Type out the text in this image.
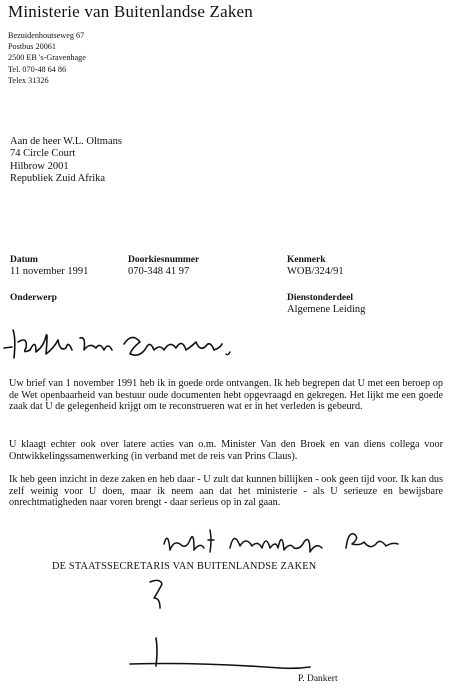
Ministerie van Buitenlandse Zaken
Bezuidenhoutseweg 67
Postbus 20061
2500 EB 's-Gravenhage
Tel. 070-48 64 86
Telex 31326
Aan de heer W.L. Oltmans
74 Circle Court
Hilbrow 2001
Republiek Zuid Afrika
Datum
11 november 1991
Doorkiesnummer
070-348 41 97
Kenmerk
WOB/324/91
Onderwerp	Dienstonderdeel
Algemene Leiding
Uw brief van 1 november 1991 heb ik in goede orde ontvangen. Ik heb begrepen dat U met een beroep op de Wet openbaarheid van bestuur oude documenten hebt opgevraagd en gekregen. Het lijkt me een goede zaak dat U de gelegenheid krijgt om te reconstrueren wat er in het verleden is gebeurd.
U klaagt echter ook over latere acties van o.m. Minister Van den Broek en van diens collega voor Ontwikkelingssamenwerking (in verband met de reis van Prins Claus).
Ik heb geen inzicht in deze zaken en heb daar - U zult dat kunnen billijken - ook geen tijd voor. Ik kan dus zelf weinig voor U doen, maar ik neem aan dat het ministerie - als U serieuze en bewijsbare onrechtmatigheden naar voren brengt - daar serieus op in zal gaan.
DE STAATSSECRETARIS VAN BUITENLANDSE ZAKEN
P. Dankert
